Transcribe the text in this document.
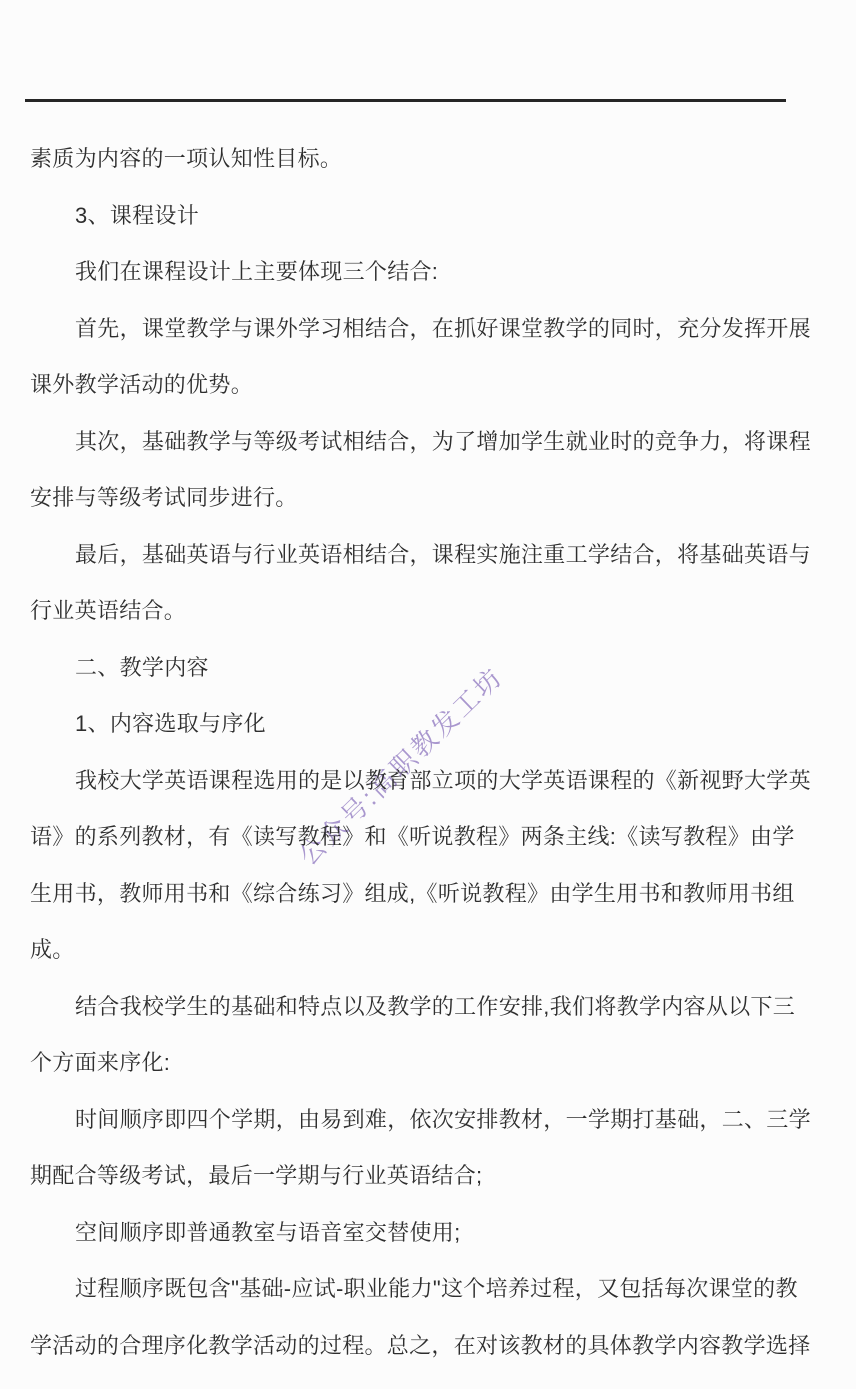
公众号:高职教发工坊
素质为内容的一项认知性目标。
3、课程设计
我们在课程设计上主要体现三个结合:
首先，课堂教学与课外学习相结合，在抓好课堂教学的同时，充分发挥开展
课外教学活动的优势。
其次，基础教学与等级考试相结合，为了增加学生就业时的竞争力，将课程
安排与等级考试同步进行。
最后，基础英语与行业英语相结合，课程实施注重工学结合，将基础英语与
行业英语结合。
二、教学内容
1、内容选取与序化
我校大学英语课程选用的是以教育部立项的大学英语课程的《新视野大学英
语》的系列教材，有《读写教程》和《听说教程》两条主线:《读写教程》由学
生用书，教师用书和《综合练习》组成,《听说教程》由学生用书和教师用书组
成。
结合我校学生的基础和特点以及教学的工作安排,我们将教学内容从以下三
个方面来序化:
时间顺序即四个学期，由易到难，依次安排教材，一学期打基础，二、三学
期配合等级考试，最后一学期与行业英语结合;
空间顺序即普通教室与语音室交替使用;
过程顺序既包含"基础-应试-职业能力"这个培养过程，又包括每次课堂的教
学活动的合理序化教学活动的过程。总之，在对该教材的具体教学内容教学选择
